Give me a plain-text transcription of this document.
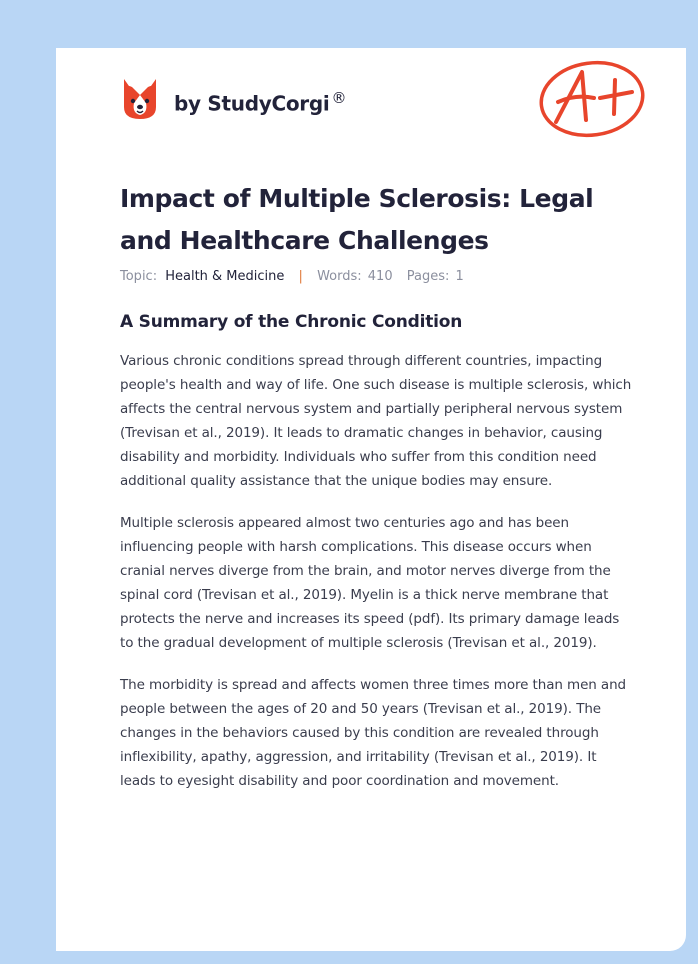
by StudyCorgi ®
Impact of Multiple Sclerosis: Legal and Healthcare Challenges
Topic: Health & Medicine | Words: 410 Pages: 1
A Summary of the Chronic Condition

Various chronic conditions spread through different countries, impacting people's health and way of life. One such disease is multiple sclerosis, which affects the central nervous system and partially peripheral nervous system (Trevisan et al., 2019). It leads to dramatic changes in behavior, causing disability and morbidity. Individuals who suffer from this condition need additional quality assistance that the unique bodies may ensure.

Multiple sclerosis appeared almost two centuries ago and has been influencing people with harsh complications. This disease occurs when cranial nerves diverge from the brain, and motor nerves diverge from the spinal cord (Trevisan et al., 2019). Myelin is a thick nerve membrane that protects the nerve and increases its speed (pdf). Its primary damage leads to the gradual development of multiple sclerosis (Trevisan et al., 2019).

The morbidity is spread and affects women three times more than men and people between the ages of 20 and 50 years (Trevisan et al., 2019). The changes in the behaviors caused by this condition are revealed through inflexibility, apathy, aggression, and irritability (Trevisan et al., 2019). It leads to eyesight disability and poor coordination and movement.
